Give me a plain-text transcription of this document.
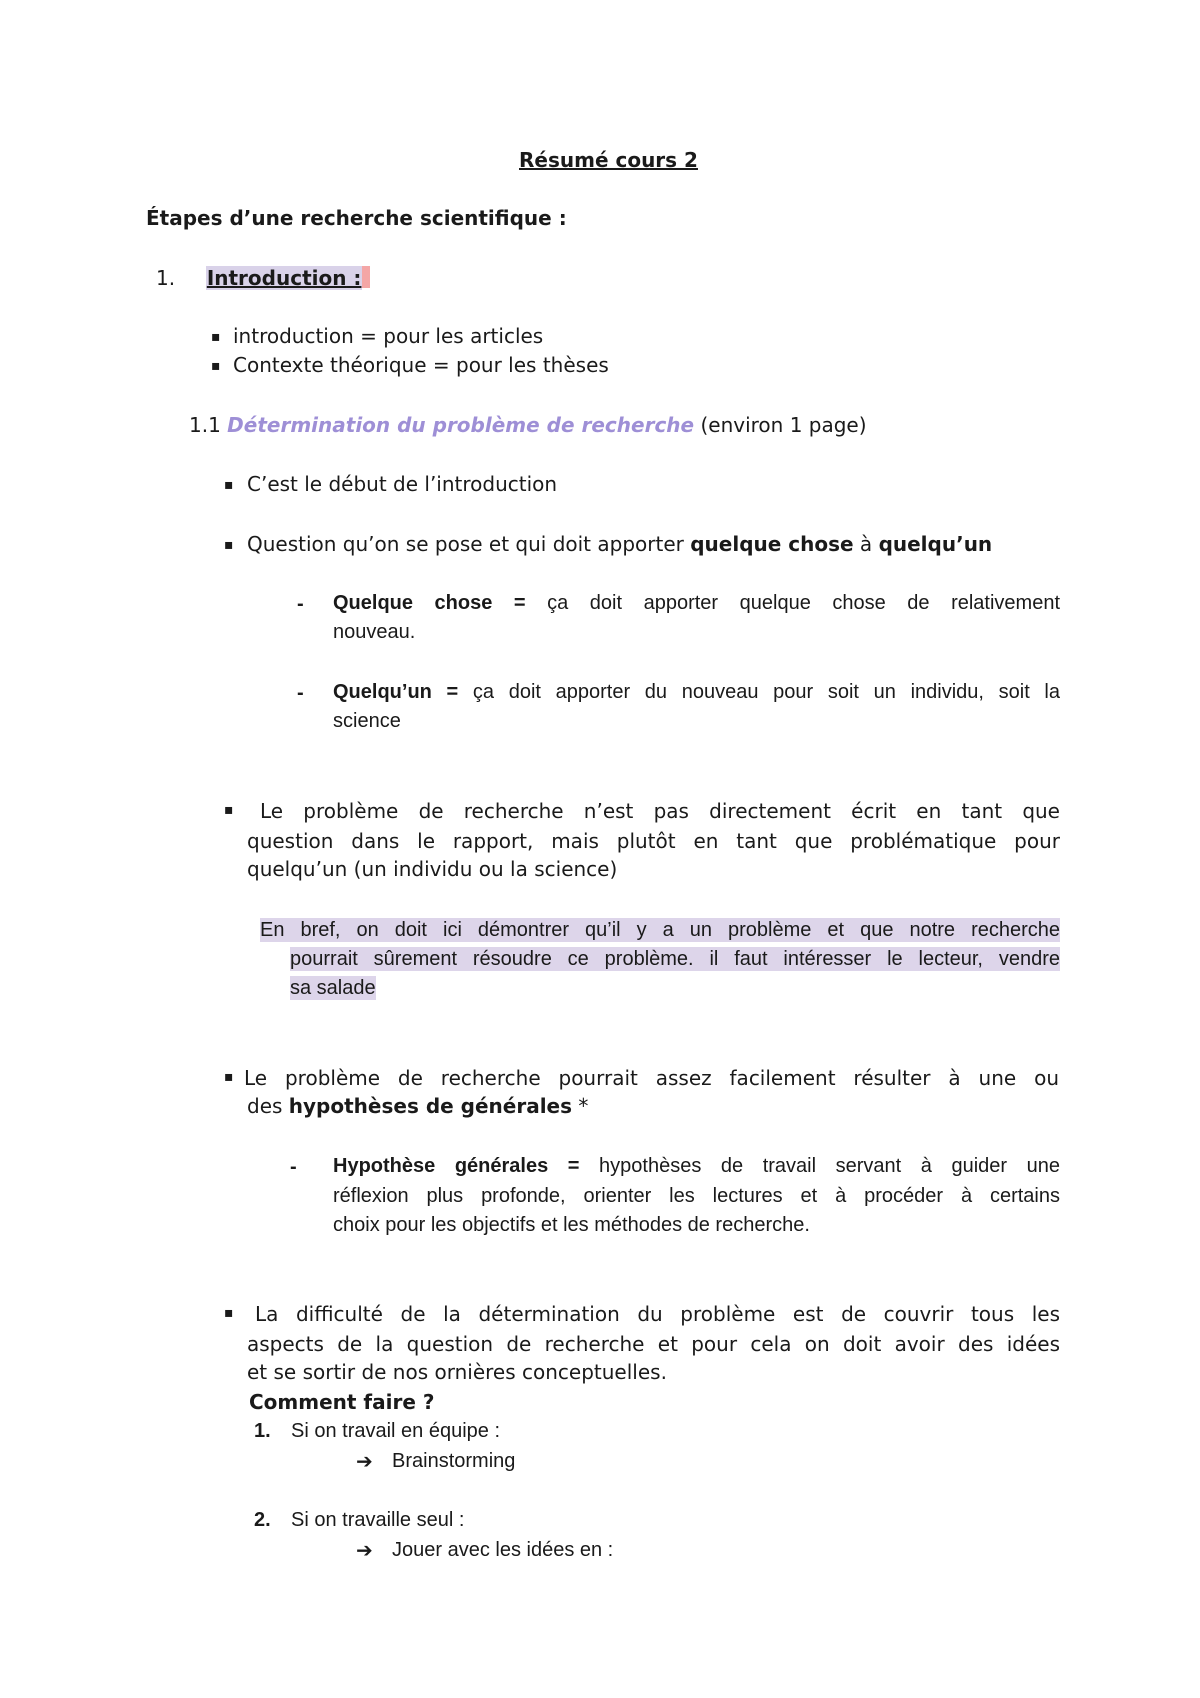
Résumé cours 2
Étapes d’une recherche scientifique :
1. Introduction :
▪ introduction = pour les articles
▪ Contexte théorique = pour les thèses
1.1 Détermination du problème de recherche (environ 1 page)
▪ C’est le début de l’introduction
▪ Question qu’on se pose et qui doit apporter quelque chose à quelqu’un
- Quelque chose = ça doit apporter quelque chose de relativement
nouveau.
- Quelqu’un = ça doit apporter du nouveau pour soit un individu, soit la
science
▪ Le problème de recherche n’est pas directement écrit en tant que
question dans le rapport, mais plutôt en tant que problématique pour
quelqu’un (un individu ou la science)
En bref, on doit ici démontrer qu’il y a un problème et que notre recherche
pourrait sûrement résoudre ce problème. il faut intéresser le lecteur, vendre
sa salade
▪ Le problème de recherche pourrait assez facilement résulter à une ou
des hypothèses de générales *
- Hypothèse générales = hypothèses de travail servant à guider une
réflexion plus profonde, orienter les lectures et à procéder à certains
choix pour les objectifs et les méthodes de recherche.
▪ La difficulté de la détermination du problème est de couvrir tous les
aspects de la question de recherche et pour cela on doit avoir des idées
et se sortir de nos ornières conceptuelles.
Comment faire ?
1. Si on travail en équipe :
➔ Brainstorming
2. Si on travaille seul :
➔ Jouer avec les idées en :
